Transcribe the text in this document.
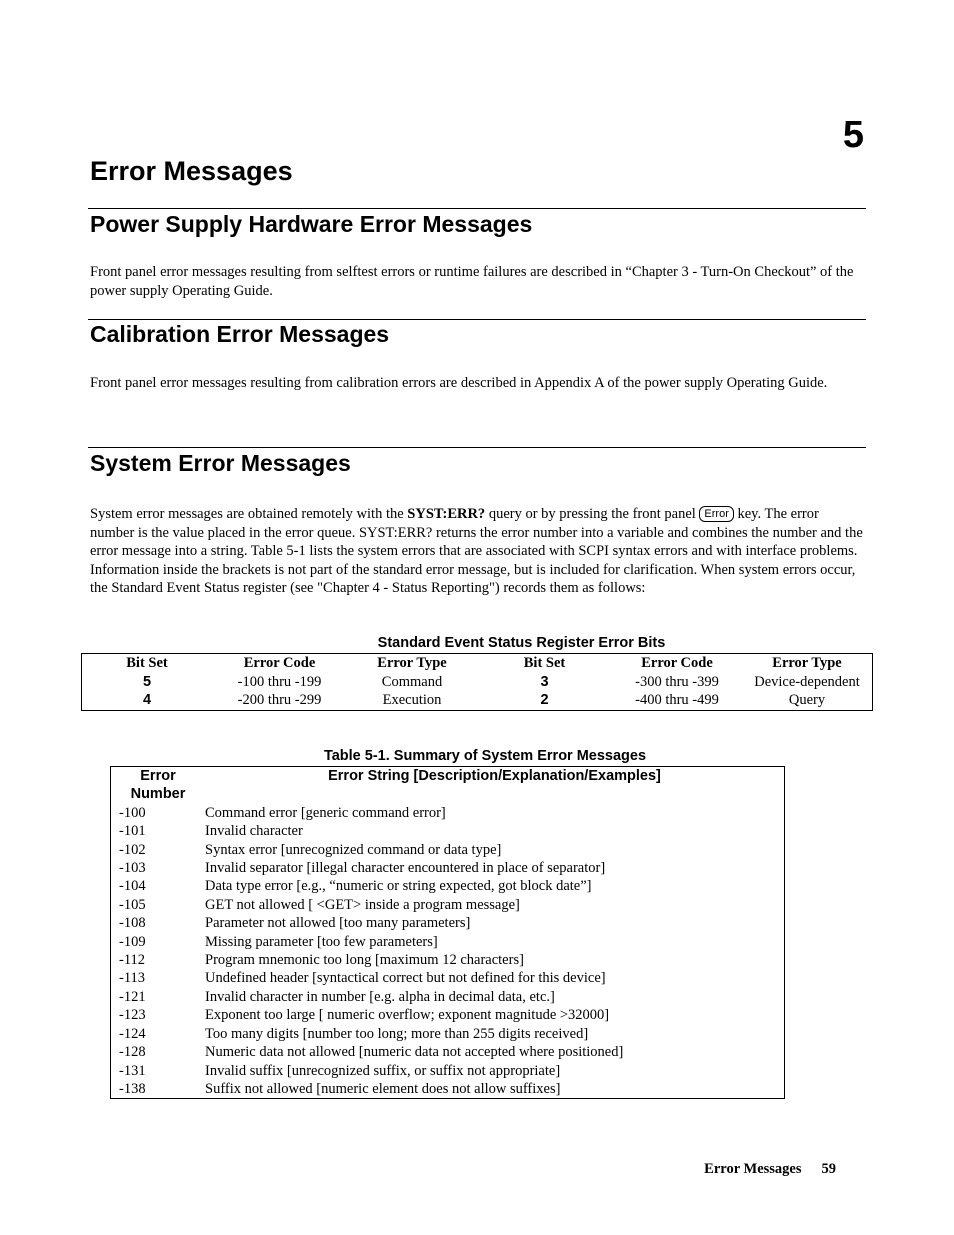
5
Error Messages
Power Supply Hardware Error Messages
Front panel error messages resulting from selftest errors or runtime failures are described in “Chapter 3 - Turn-On Checkout” of the power supply Operating Guide.
Calibration Error Messages
Front panel error messages resulting from calibration errors are described in Appendix A of the power supply Operating Guide.
System Error Messages
System error messages are obtained remotely with the SYST:ERR? query or by pressing the front panel Error key. The error number is the value placed in the error queue. SYST:ERR? returns the error number into a variable and combines the number and the error message into a string. Table 5-1 lists the system errors that are associated with SCPI syntax errors and with interface problems. Information inside the brackets is not part of the standard error message, but is included for clarification. When system errors occur, the Standard Event Status register (see "Chapter 4 - Status Reporting") records them as follows:
Standard Event Status Register Error Bits
Bit Set	Error Code	Error Type	Bit Set	Error Code	Error Type
5	-100 thru -199	Command	3	-300 thru -399	Device-dependent
4	-200 thru -299	Execution	2	-400 thru -499	Query
Table 5-1. Summary of System Error Messages
Error
Number	Error String [Description/Explanation/Examples]
-100	Command error [generic command error]
-101	Invalid character
-102	Syntax error [unrecognized command or data type]
-103	Invalid separator [illegal character encountered in place of separator]
-104	Data type error [e.g., “numeric or string expected, got block date”]
-105	GET not allowed [ <GET> inside a program message]
-108	Parameter not allowed [too many parameters]
-109	Missing parameter [too few parameters]
-112	Program mnemonic too long [maximum 12 characters]
-113	Undefined header [syntactical correct but not defined for this device]
-121	Invalid character in number [e.g. alpha in decimal data, etc.]
-123	Exponent too large [ numeric overflow; exponent magnitude >32000]
-124	Too many digits [number too long; more than 255 digits received]
-128	Numeric data not allowed [numeric data not accepted where positioned]
-131	Invalid suffix [unrecognized suffix, or suffix not appropriate]
-138	Suffix not allowed [numeric element does not allow suffixes]
Error Messages 59
